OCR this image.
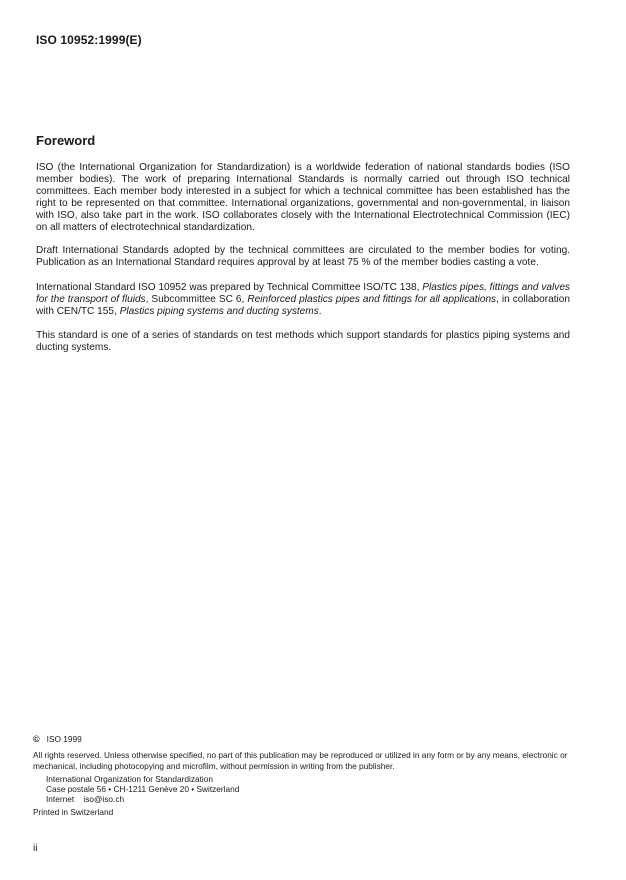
ISO 10952:1999(E)
Foreword

ISO (the International Organization for Standardization) is a worldwide federation of national standards bodies (ISO member bodies). The work of preparing International Standards is normally carried out through ISO technical committees. Each member body interested in a subject for which a technical committee has been established has the right to be represented on that committee. International organizations, governmental and non-governmental, in liaison with ISO, also take part in the work. ISO collaborates closely with the International Electrotechnical Commission (IEC) on all matters of electrotechnical standardization.

Draft International Standards adopted by the technical committees are circulated to the member bodies for voting. Publication as an International Standard requires approval by at least 75 % of the member bodies casting a vote.

International Standard ISO 10952 was prepared by Technical Committee ISO/TC 138, Plastics pipes, fittings and valves for the transport of fluids, Subcommittee SC 6, Reinforced plastics pipes and fittings for all applications, in collaboration with CEN/TC 155, Plastics piping systems and ducting systems.

This standard is one of a series of standards on test methods which support standards for plastics piping systems and ducting systems.

© ISO 1999
All rights reserved. Unless otherwise specified, no part of this publication may be reproduced or utilized in any form or by any means, electronic or mechanical, including photocopying and microfilm, without permission in writing from the publisher.
International Organization for Standardization
Case postale 56 • CH-1211 Genève 20 • Switzerland
Internet iso@iso.ch
Printed in Switzerland
ii
